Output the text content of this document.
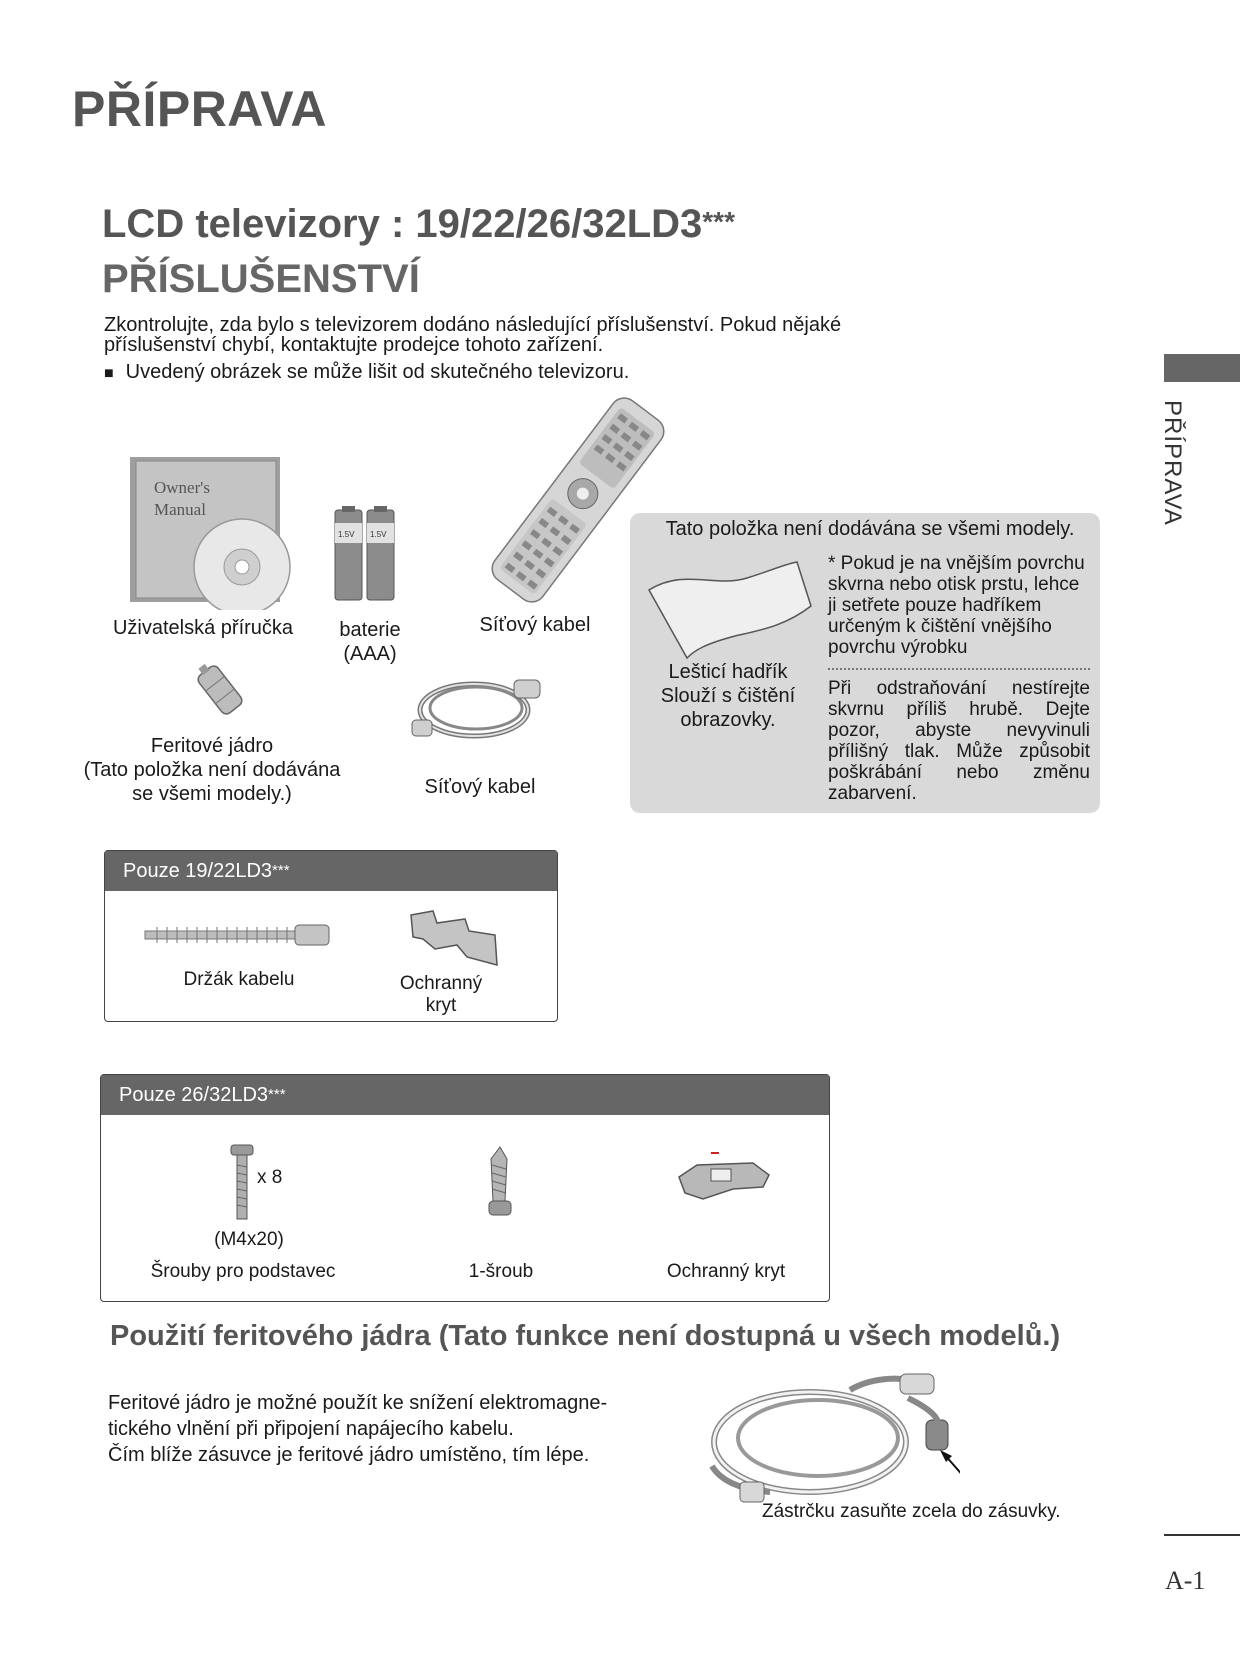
PŘÍPRAVA
LCD televizory : 19/22/26/32LD3***
PŘÍSLUŠENSTVÍ
Zkontrolujte, zda bylo s televizorem dodáno následující příslušenství. Pokud nějaké
příslušenství chybí, kontaktujte prodejce tohoto zařízení.
■ Uvedený obrázek se může lišit od skutečného televizoru.
PŘÍPRAVA
Owner's
Manual
Uživatelská příručka
1.5V 1.5V
baterie
(AAA)
Síťový kabel
Feritové jádro
(Tato položka není dodávána
se všemi modely.)	Síťový kabel
Tato položka není dodávána se všemi modely.
Lešticí hadřík
Slouží s čištění
obrazovky.
* Pokud je na vnějším povrchu skvrna nebo otisk prstu, lehce ji setřete pouze hadříkem určeným k čištění vnějšího povrchu výrobku
Při odstraňování nestírejte skvrnu příliš hrubě. Dejte pozor, abyste nevyvinuli přílišný tlak. Může způsobit poškrábání nebo změnu zabarvení.
Pouze 19/22LD3***
Držák kabelu	Ochranný
kryt
Pouze 26/32LD3***
x 8
(M4x20)
Šrouby pro podstavec	1-šroub	Ochranný kryt
Použití feritového jádra (Tato funkce není dostupná u všech modelů.)
Feritové jádro je možné použít ke snížení elektromagne-
tického vlnění při připojení napájecího kabelu.
Čím blíže zásuvce je feritové jádro umístěno, tím lépe.
Zástrčku zasuňte zcela do zásuvky.
A-1
